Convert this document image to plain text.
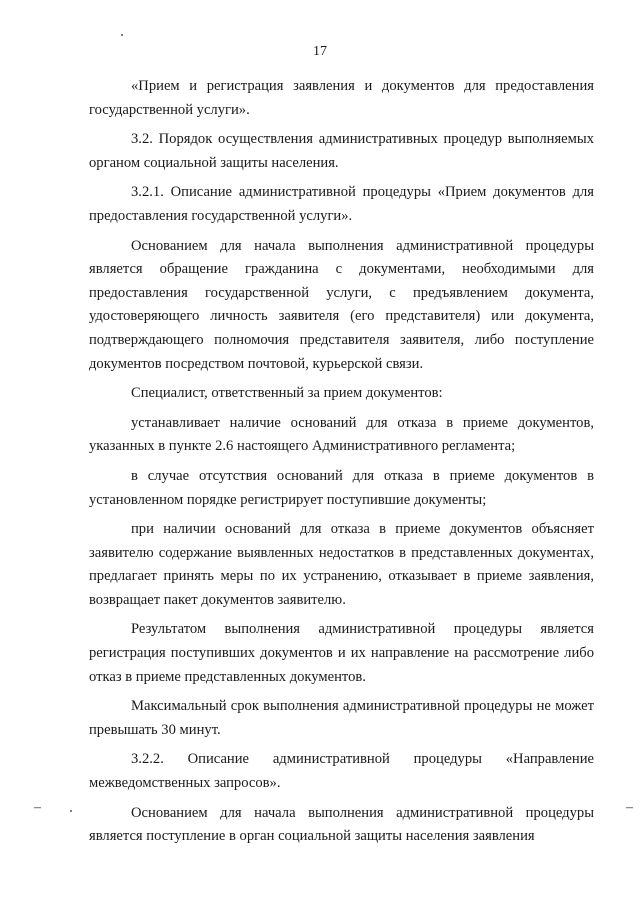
17

«Прием и регистрация заявления и документов для предоставления государственной услуги».

3.2. Порядок осуществления административных процедур выполняемых органом социальной защиты населения.

3.2.1. Описание административной процедуры «Прием документов для предоставления государственной услуги».

Основанием для начала выполнения административной процедуры является обращение гражданина с документами, необходимыми для предоставления государственной услуги, с предъявлением документа, удостоверяющего личность заявителя (его представителя) или документа, подтверждающего полномочия представителя заявителя, либо поступление документов посредством почтовой, курьерской связи.

Специалист, ответственный за прием документов:

устанавливает наличие оснований для отказа в приеме документов, указанных в пункте 2.6 настоящего Административного регламента;

в случае отсутствия оснований для отказа в приеме документов в установленном порядке регистрирует поступившие документы;

при наличии оснований для отказа в приеме документов объясняет заявителю содержание выявленных недостатков в представленных документах, предлагает принять меры по их устранению, отказывает в приеме заявления, возвращает пакет документов заявителю.

Результатом выполнения административной процедуры является регистрация поступивших документов и их направление на рассмотрение либо отказ в приеме представленных документов.

Максимальный срок выполнения административной процедуры не может превышать 30 минут.

3.2.2. Описание административной процедуры «Направление межведомственных запросов».

Основанием для начала выполнения административной процедуры является поступление в орган социальной защиты населения заявления

–	–
